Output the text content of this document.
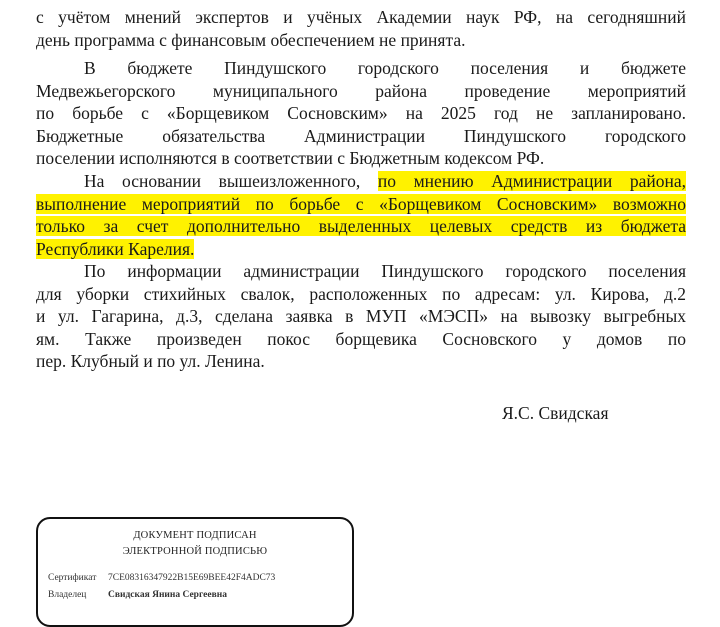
с учётом мнений экспертов и учёных Академии наук РФ, на сегодняшний
день программа с финансовым обеспечением не принята.
В бюджете Пиндушского городского поселения и бюджете
Медвежьегорского муниципального района проведение мероприятий
по борьбе с «Борщевиком Сосновским» на 2025 год не запланировано.
Бюджетные обязательства Администрации Пиндушского городского
поселении исполняются в соответствии с Бюджетным кодексом РФ.
На основании вышеизложенного, по мнению Администрации района,
выполнение мероприятий по борьбе с «Борщевиком Сосновским» возможно
только за счет дополнительно выделенных целевых средств из бюджета
Республики Карелия.
По информации администрации Пиндушского городского поселения
для уборки стихийных свалок, расположенных по адресам: ул. Кирова, д.2
и ул. Гагарина, д.3, сделана заявка в МУП «МЭСП» на вывозку выгребных
ям. Также произведен покос борщевика Сосновского у домов по
пер. Клубный и по ул. Ленина.
Я.С. Свидская
ДОКУМЕНТ ПОДПИСАН
ЭЛЕКТРОННОЙ ПОДПИСЬЮ
Сертификат 7CE08316347922B15E69BEE42F4ADC73
Владелец Свидская Янина Сергеевна
